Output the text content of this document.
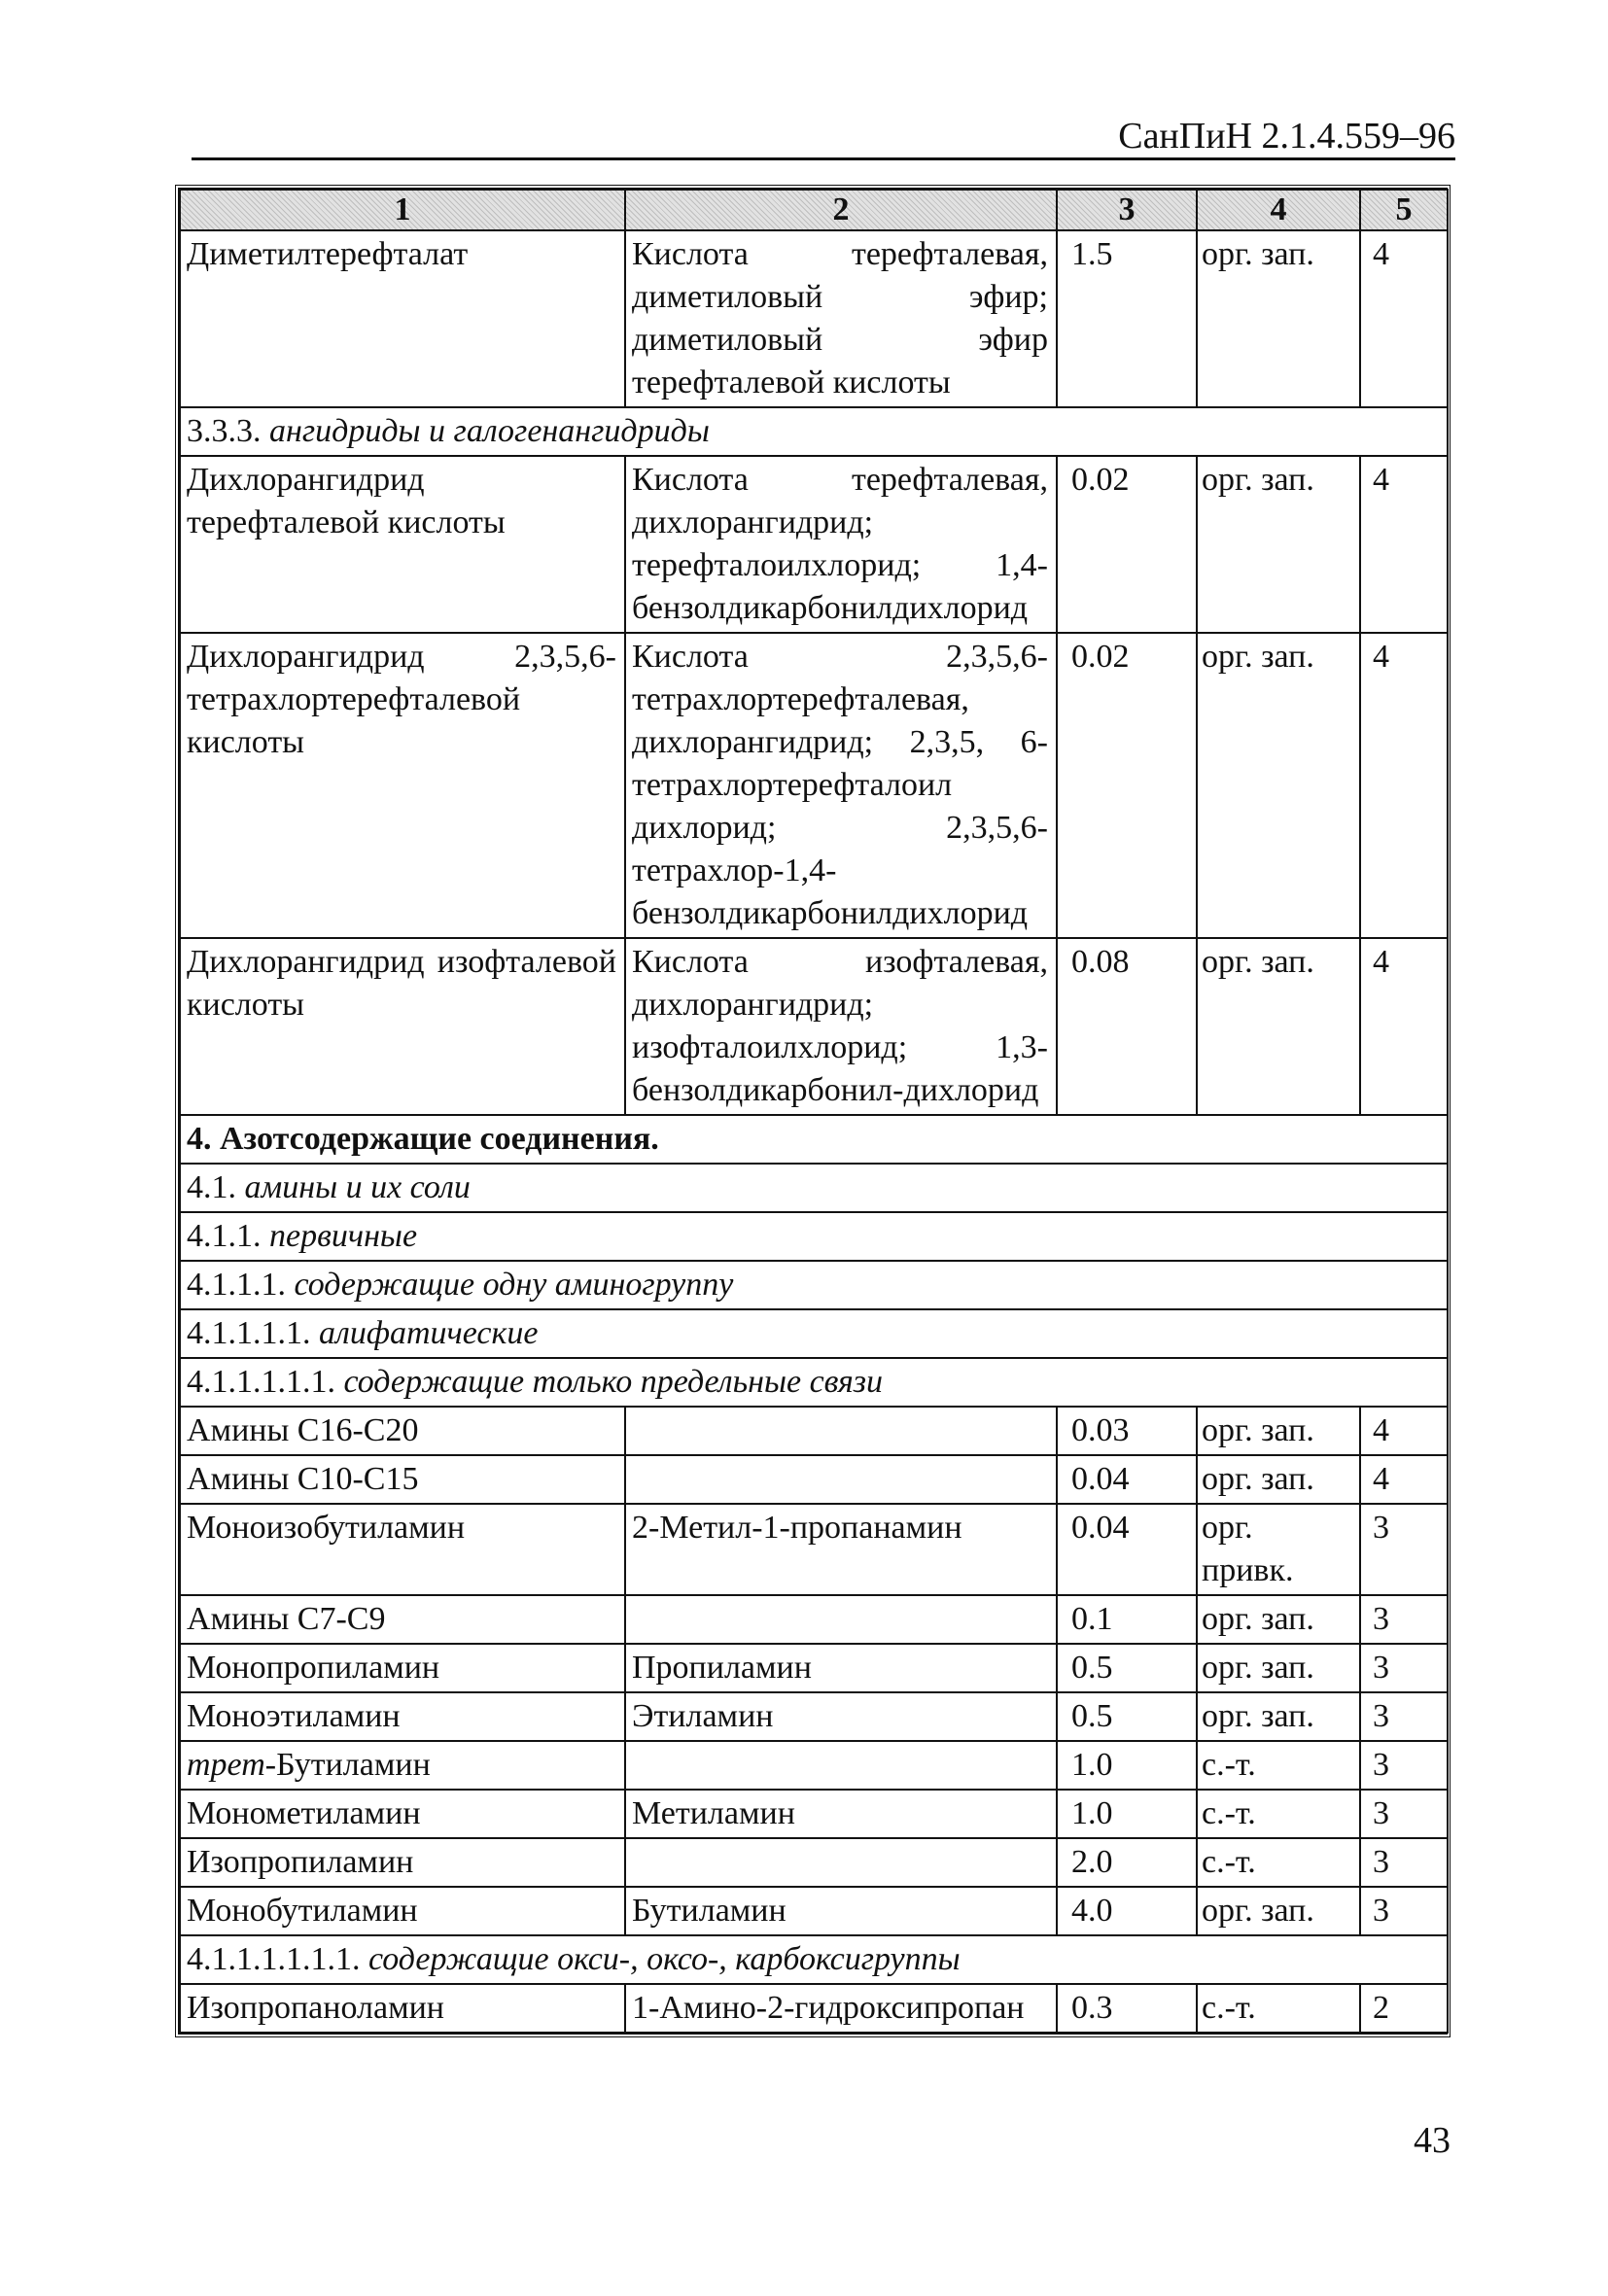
СанПиН 2.1.4.559–96
1	2	3	4	5
Диметилтерефталат	Кислота терефталевая, диметиловый эфир; диметиловый эфир терефталевой кислоты	1.5	орг. зап.	4
3.3.3. ангидриды и галогенангидриды				
Дихлорангидрид терефталевой кислоты	Кислота терефталевая, дихлорангидрид; терефталоилхлорид; 1,4-бензолдикарбонилдихлорид	0.02	орг. зап.	4
Дихлорангидрид 2,3,5,6-тетрахлортерефталевой кислоты	Кислота 2,3,5,6-тетрахлортерефталевая, дихлорангидрид; 2,3,5, 6-тетрахлортерефталоил дихлорид; 2,3,5,6-тетрахлор-1,4-бензолдикарбонилдихлорид	0.02	орг. зап.	4
Дихлорангидрид изофталевой кислоты	Кислота изофталевая, дихлорангидрид; изофталоилхлорид; 1,3-бензолдикарбонил-дихлорид	0.08	орг. зап.	4
4. Азотсодержащие соединения.				
4.1. амины и их соли				
4.1.1. первичные				
4.1.1.1. содержащие одну аминогруппу				
4.1.1.1.1. алифатические				
4.1.1.1.1.1. содержащие только предельные связи				
Амины С16-С20		0.03	орг. зап.	4
Амины С10-С15		0.04	орг. зап.	4
Моноизобутиламин	2-Метил-1-пропанамин	0.04	орг. привк.	3
Амины С7-С9		0.1	орг. зап.	3
Монопропиламин	Пропиламин	0.5	орг. зап.	3
Моноэтиламин	Этиламин	0.5	орг. зап.	3
трет-Бутиламин		1.0	с.-т.	3
Монометиламин	Метиламин	1.0	с.-т.	3
Изопропиламин		2.0	с.-т.	3
Монобутиламин	Бутиламин	4.0	орг. зап.	3
4.1.1.1.1.1.1. содержащие окси-, оксо-, карбоксигруппы				
Изопропаноламин	1-Амино-2-гидроксипропан	0.3	с.-т.	2
43
